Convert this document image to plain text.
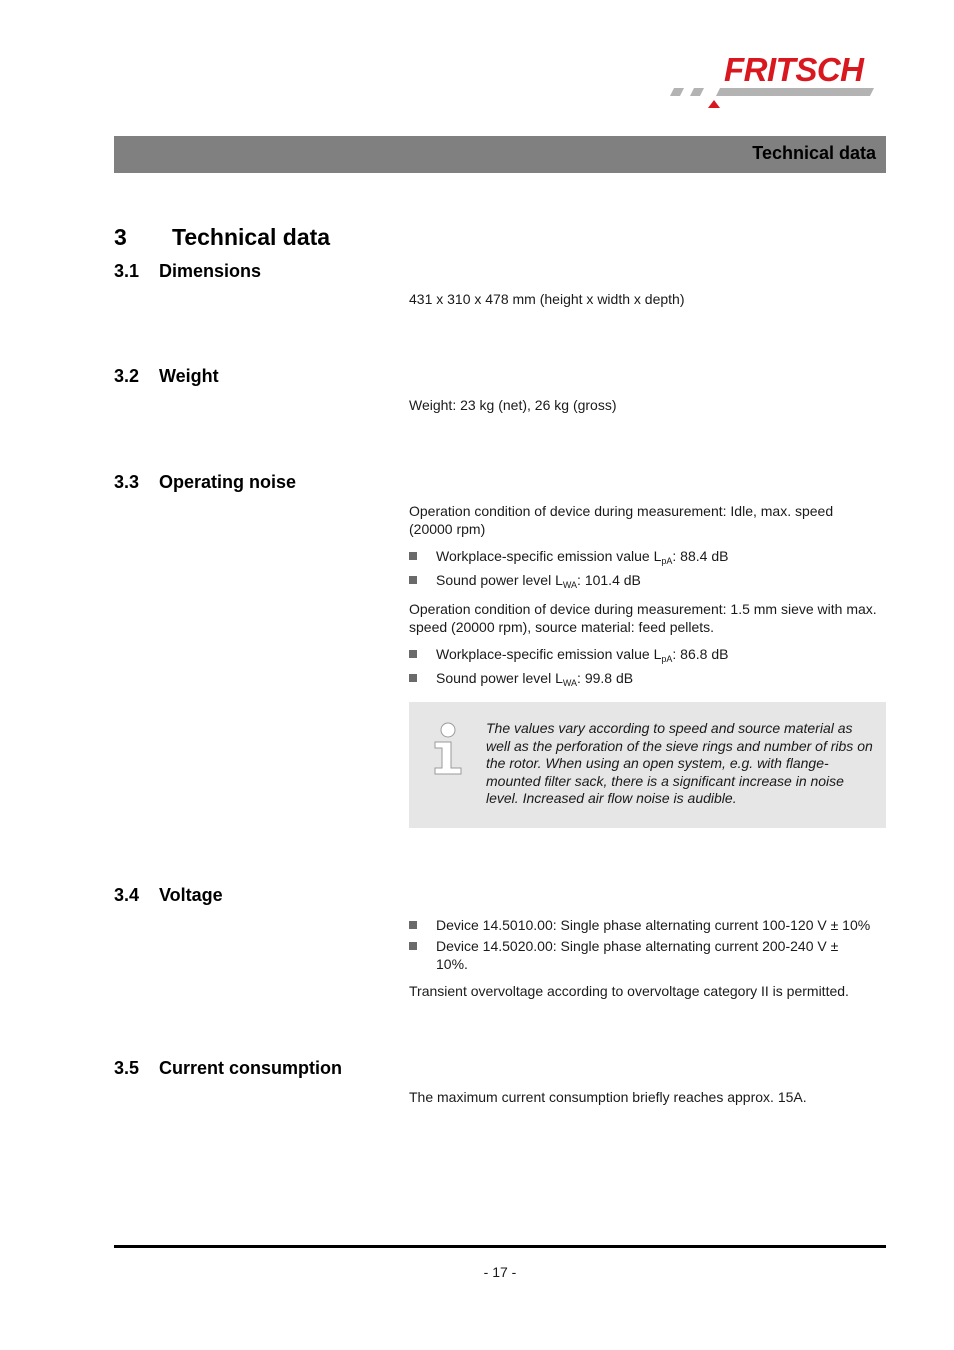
FRITSCH
Technical data
3 Technical data
3.1 Dimensions
431 x 310 x 478 mm (height x width x depth)
3.2 Weight
Weight: 23 kg (net), 26 kg (gross)
3.3 Operating noise
Operation condition of device during measurement: Idle, max. speed (20000 rpm)
Workplace-specific emission value $L_{pA}$: 88.4 dB
Sound power level $L_{WA}$: 101.4 dB
Operation condition of device during measurement: 1.5 mm sieve with max. speed (20000 rpm), source material: feed pellets.
Workplace-specific emission value $L_{pA}$: 86.8 dB
Sound power level $L_{WA}$: 99.8 dB
The values vary according to speed and source material as well as the perforation of the sieve rings and number of ribs on the rotor. When using an open system, e.g. with flange-mounted filter sack, there is a significant increase in noise level. Increased air flow noise is audible.
3.4 Voltage
Device 14.5010.00: Single phase alternating current 100-120 V ± 10%
Device 14.5020.00: Single phase alternating current 200-240 V ± 10%.
Transient overvoltage according to overvoltage category II is permitted.
3.5 Current consumption
The maximum current consumption briefly reaches approx. 15A.
- 17 -
